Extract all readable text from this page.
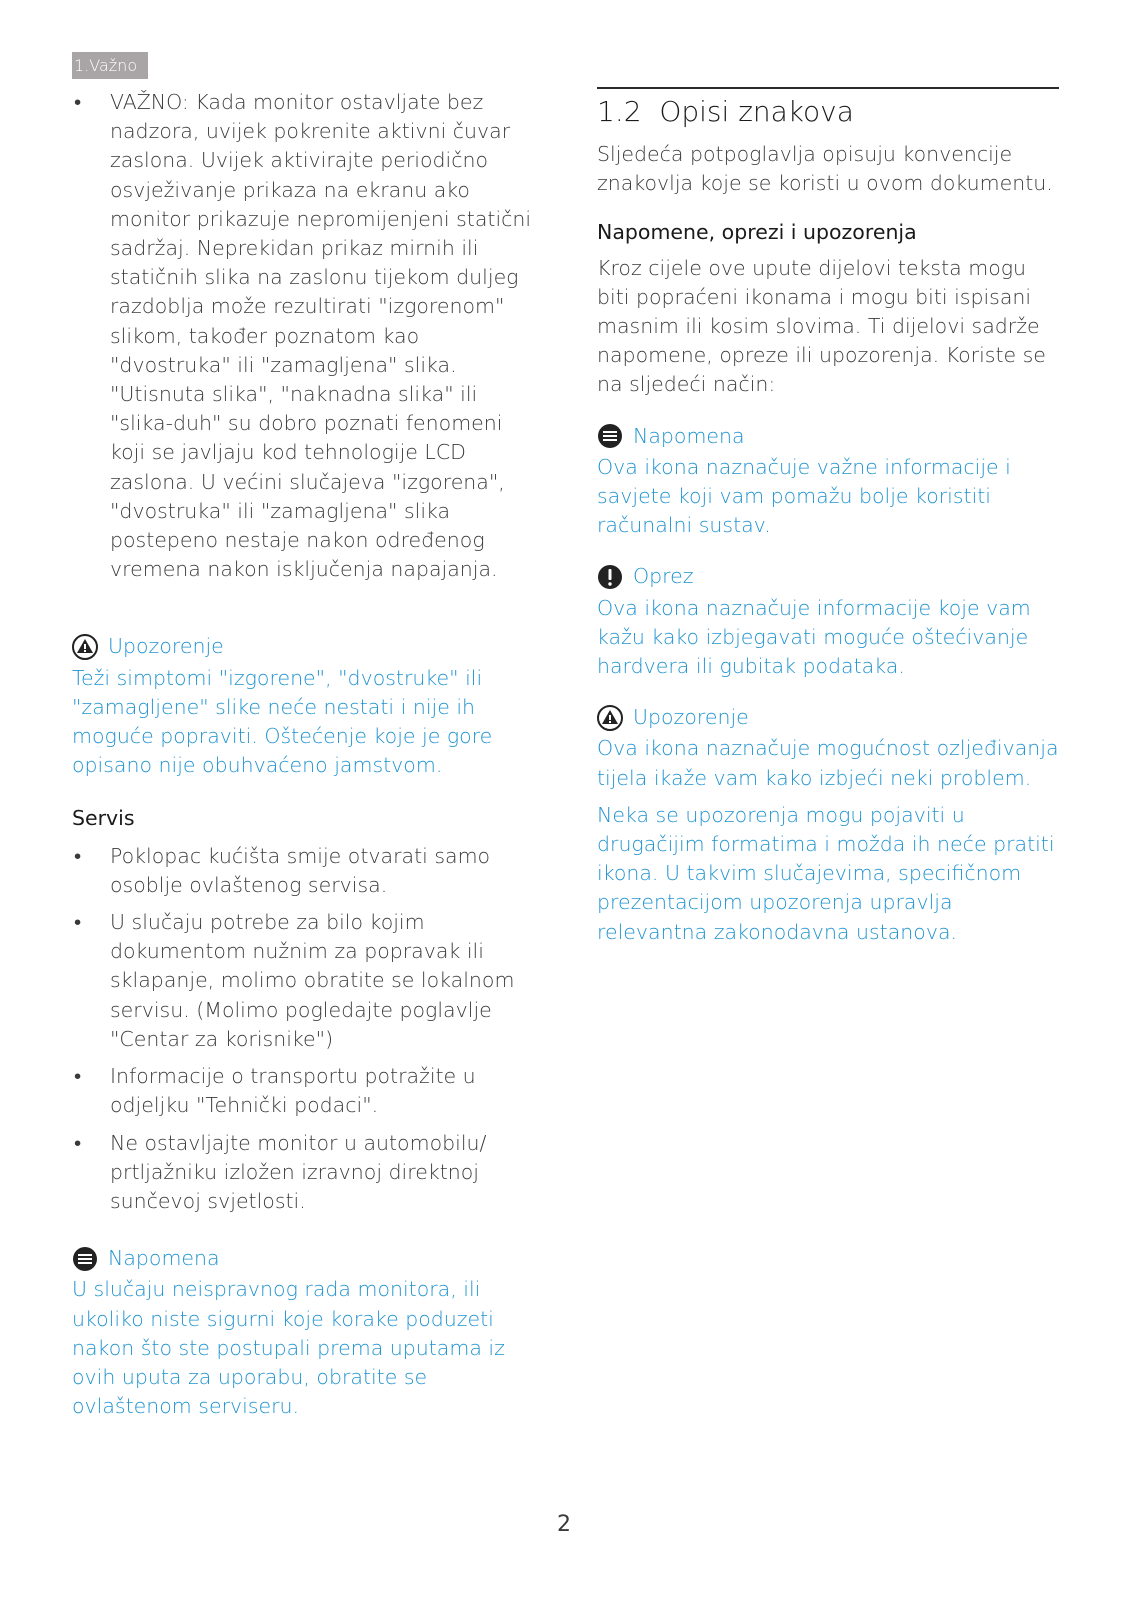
1.Važno

• VAŽNO: Kada monitor ostavljate bez nadzora, uvijek pokrenite aktivni čuvar zaslona. Uvijek aktivirajte periodično osvježivanje prikaza na ekranu ako monitor prikazuje nepromijenjeni statični sadržaj. Neprekidan prikaz mirnih ili statičnih slika na zaslonu tijekom duljeg razdoblja može rezultirati "izgorenom" slikom, također poznatom kao "dvostruka" ili "zamagljena" slika.

"Utisnuta slika", "naknadna slika" ili "slika-duh" su dobro poznati fenomeni koji se javljaju kod tehnologije LCD zaslona. U većini slučajeva "izgorena", "dvostruka" ili "zamagljena" slika postepeno nestaje nakon određenog vremena nakon isključenja napajanja.

Upozorenje

Teži simptomi "izgorene", "dvostruke" ili "zamagljene" slike neće nestati i nije ih moguće popraviti. Oštećenje koje je gore opisano nije obuhvaćeno jamstvom.

Servis

• Poklopac kućišta smije otvarati samo osoblje ovlaštenog servisa.
• U slučaju potrebe za bilo kojim dokumentom nužnim za popravak ili sklapanje, molimo obratite se lokalnom servisu. (Molimo pogledajte poglavlje "Centar za korisnike")
• Informacije o transportu potražite u odjeljku "Tehnički podaci".
• Ne ostavljajte monitor u automobilu/ prtljažniku izložen izravnoj direktnoj sunčevoj svjetlosti.
Napomena

U slučaju neispravnog rada monitora, ili ukoliko niste sigurni koje korake poduzeti nakon što ste postupali prema uputama iz ovih uputa za uporabu, obratite se ovlaštenom serviseru.

1.2 Opisi znakova

Sljedeća potpoglavlja opisuju konvencije znakovlja koje se koristi u ovom dokumentu.

Napomene, oprezi i upozorenja

Kroz cijele ove upute dijelovi teksta mogu biti popraćeni ikonama i mogu biti ispisani masnim ili kosim slovima. Ti dijelovi sadrže napomene, opreze ili upozorenja. Koriste se na sljedeći način:

Napomena

Ova ikona naznačuje važne informacije i savjete koji vam pomažu bolje koristiti računalni sustav.

Oprez

Ova ikona naznačuje informacije koje vam kažu kako izbjegavati moguće oštećivanje hardvera ili gubitak podataka.

Upozorenje

Ova ikona naznačuje mogućnost ozljeđivanja tijela ikaže vam kako izbjeći neki problem.

Neka se upozorenja mogu pojaviti u drugačijim formatima i možda ih neće pratiti ikona. U takvim slučajevima, specifičnom prezentacijom upozorenja upravlja relevantna zakonodavna ustanova.

2
